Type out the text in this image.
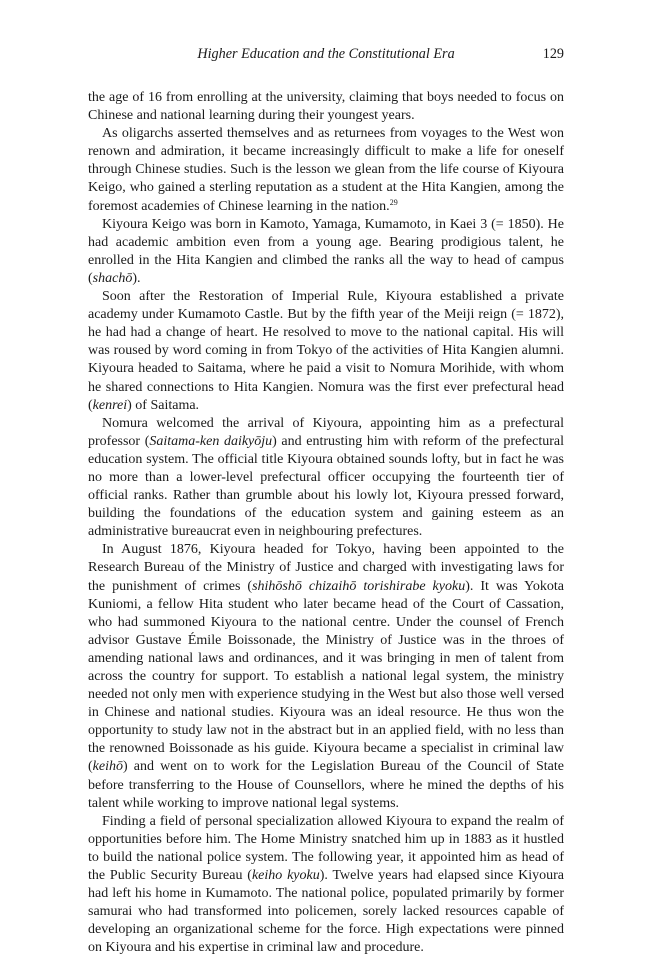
Higher Education and the Constitutional Era	129

the age of 16 from enrolling at the university, claiming that boys needed to focus on Chinese and national learning during their youngest years.

As oligarchs asserted themselves and as returnees from voyages to the West won renown and admiration, it became increasingly difficult to make a life for oneself through Chinese studies. Such is the lesson we glean from the life course of Kiyoura Keigo, who gained a sterling reputation as a student at the Hita Kangien, among the foremost academies of Chinese learning in the nation.$^{29}$

Kiyoura Keigo was born in Kamoto, Yamaga, Kumamoto, in Kaei 3 (= 1850). He had academic ambition even from a young age. Bearing prodigious talent, he enrolled in the Hita Kangien and climbed the ranks all the way to head of campus (shachō).

Soon after the Restoration of Imperial Rule, Kiyoura established a private academy under Kumamoto Castle. But by the fifth year of the Meiji reign (= 1872), he had had a change of heart. He resolved to move to the national capital. His will was roused by word coming in from Tokyo of the activities of Hita Kangien alumni. Kiyoura headed to Saitama, where he paid a visit to Nomura Morihide, with whom he shared connections to Hita Kangien. Nomura was the first ever prefectural head (kenrei) of Saitama.

Nomura welcomed the arrival of Kiyoura, appointing him as a prefectural professor (Saitama-ken daikyōju) and entrusting him with reform of the prefectural education system. The official title Kiyoura obtained sounds lofty, but in fact he was no more than a lower-level prefectural officer occupying the fourteenth tier of official ranks. Rather than grumble about his lowly lot, Kiyoura pressed forward, building the foundations of the education system and gaining esteem as an administrative bureaucrat even in neighbouring prefectures.

In August 1876, Kiyoura headed for Tokyo, having been appointed to the Research Bureau of the Ministry of Justice and charged with investigating laws for the punishment of crimes (shihōshō chizaihō torishirabe kyoku). It was Yokota Kuniomi, a fellow Hita student who later became head of the Court of Cassation, who had summoned Kiyoura to the national centre. Under the counsel of French advisor Gustave Émile Boissonade, the Ministry of Justice was in the throes of amending national laws and ordinances, and it was bringing in men of talent from across the country for support. To establish a national legal system, the ministry needed not only men with experience studying in the West but also those well versed in Chinese and national studies. Kiyoura was an ideal resource. He thus won the opportunity to study law not in the abstract but in an applied field, with no less than the renowned Boissonade as his guide. Kiyoura became a specialist in criminal law (keihō) and went on to work for the Legislation Bureau of the Council of State before transferring to the House of Counsellors, where he mined the depths of his talent while working to improve national legal systems.

Finding a field of personal specialization allowed Kiyoura to expand the realm of opportunities before him. The Home Ministry snatched him up in 1883 as it hustled to build the national police system. The following year, it appointed him as head of the Public Security Bureau (keiho kyoku). Twelve years had elapsed since Kiyoura had left his home in Kumamoto. The national police, populated primarily by former samurai who had transformed into policemen, sorely lacked resources capable of developing an organizational scheme for the force. High expectations were pinned on Kiyoura and his expertise in criminal law and procedure.
